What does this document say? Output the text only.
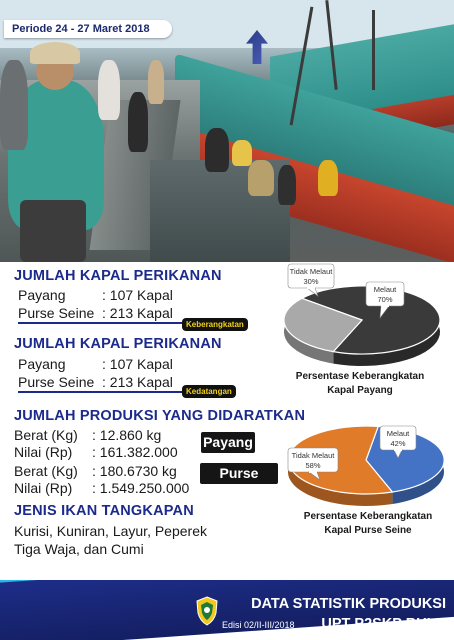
Periode 24 - 27 Maret 2018
JUMLAH KAPAL PERIKANAN
Payang	: 107 Kapal
Purse Seine : 213 Kapal
Keberangkatan
JUMLAH KAPAL PERIKANAN
Payang	: 107 Kapal
Purse Seine : 213 Kapal
Kedatangan
JUMLAH PRODUKSI YANG DIDARATKAN
Berat (Kg) : 12.860 kg
Nilai (Rp) : 161.382.000
Berat (Kg) : 180.6730 kg
Nilai (Rp) : 1.549.250.000
Payang
Purse Seine
JENIS IKAN TANGKAPAN
Kurisi, Kuniran, Layur, Peperek
Tiga Waja, dan Cumi
Melaut
70%
Tidak Melaut
30%
Persentase Keberangkatan
Kapal Payang
Melaut
42%
Tidak Melaut
58%
Persentase Keberangkatan
Kapal Purse Seine
Edisi 02/II-III/2018
DATA STATISTIK PRODUKSI
UPT P2SKP BULU
